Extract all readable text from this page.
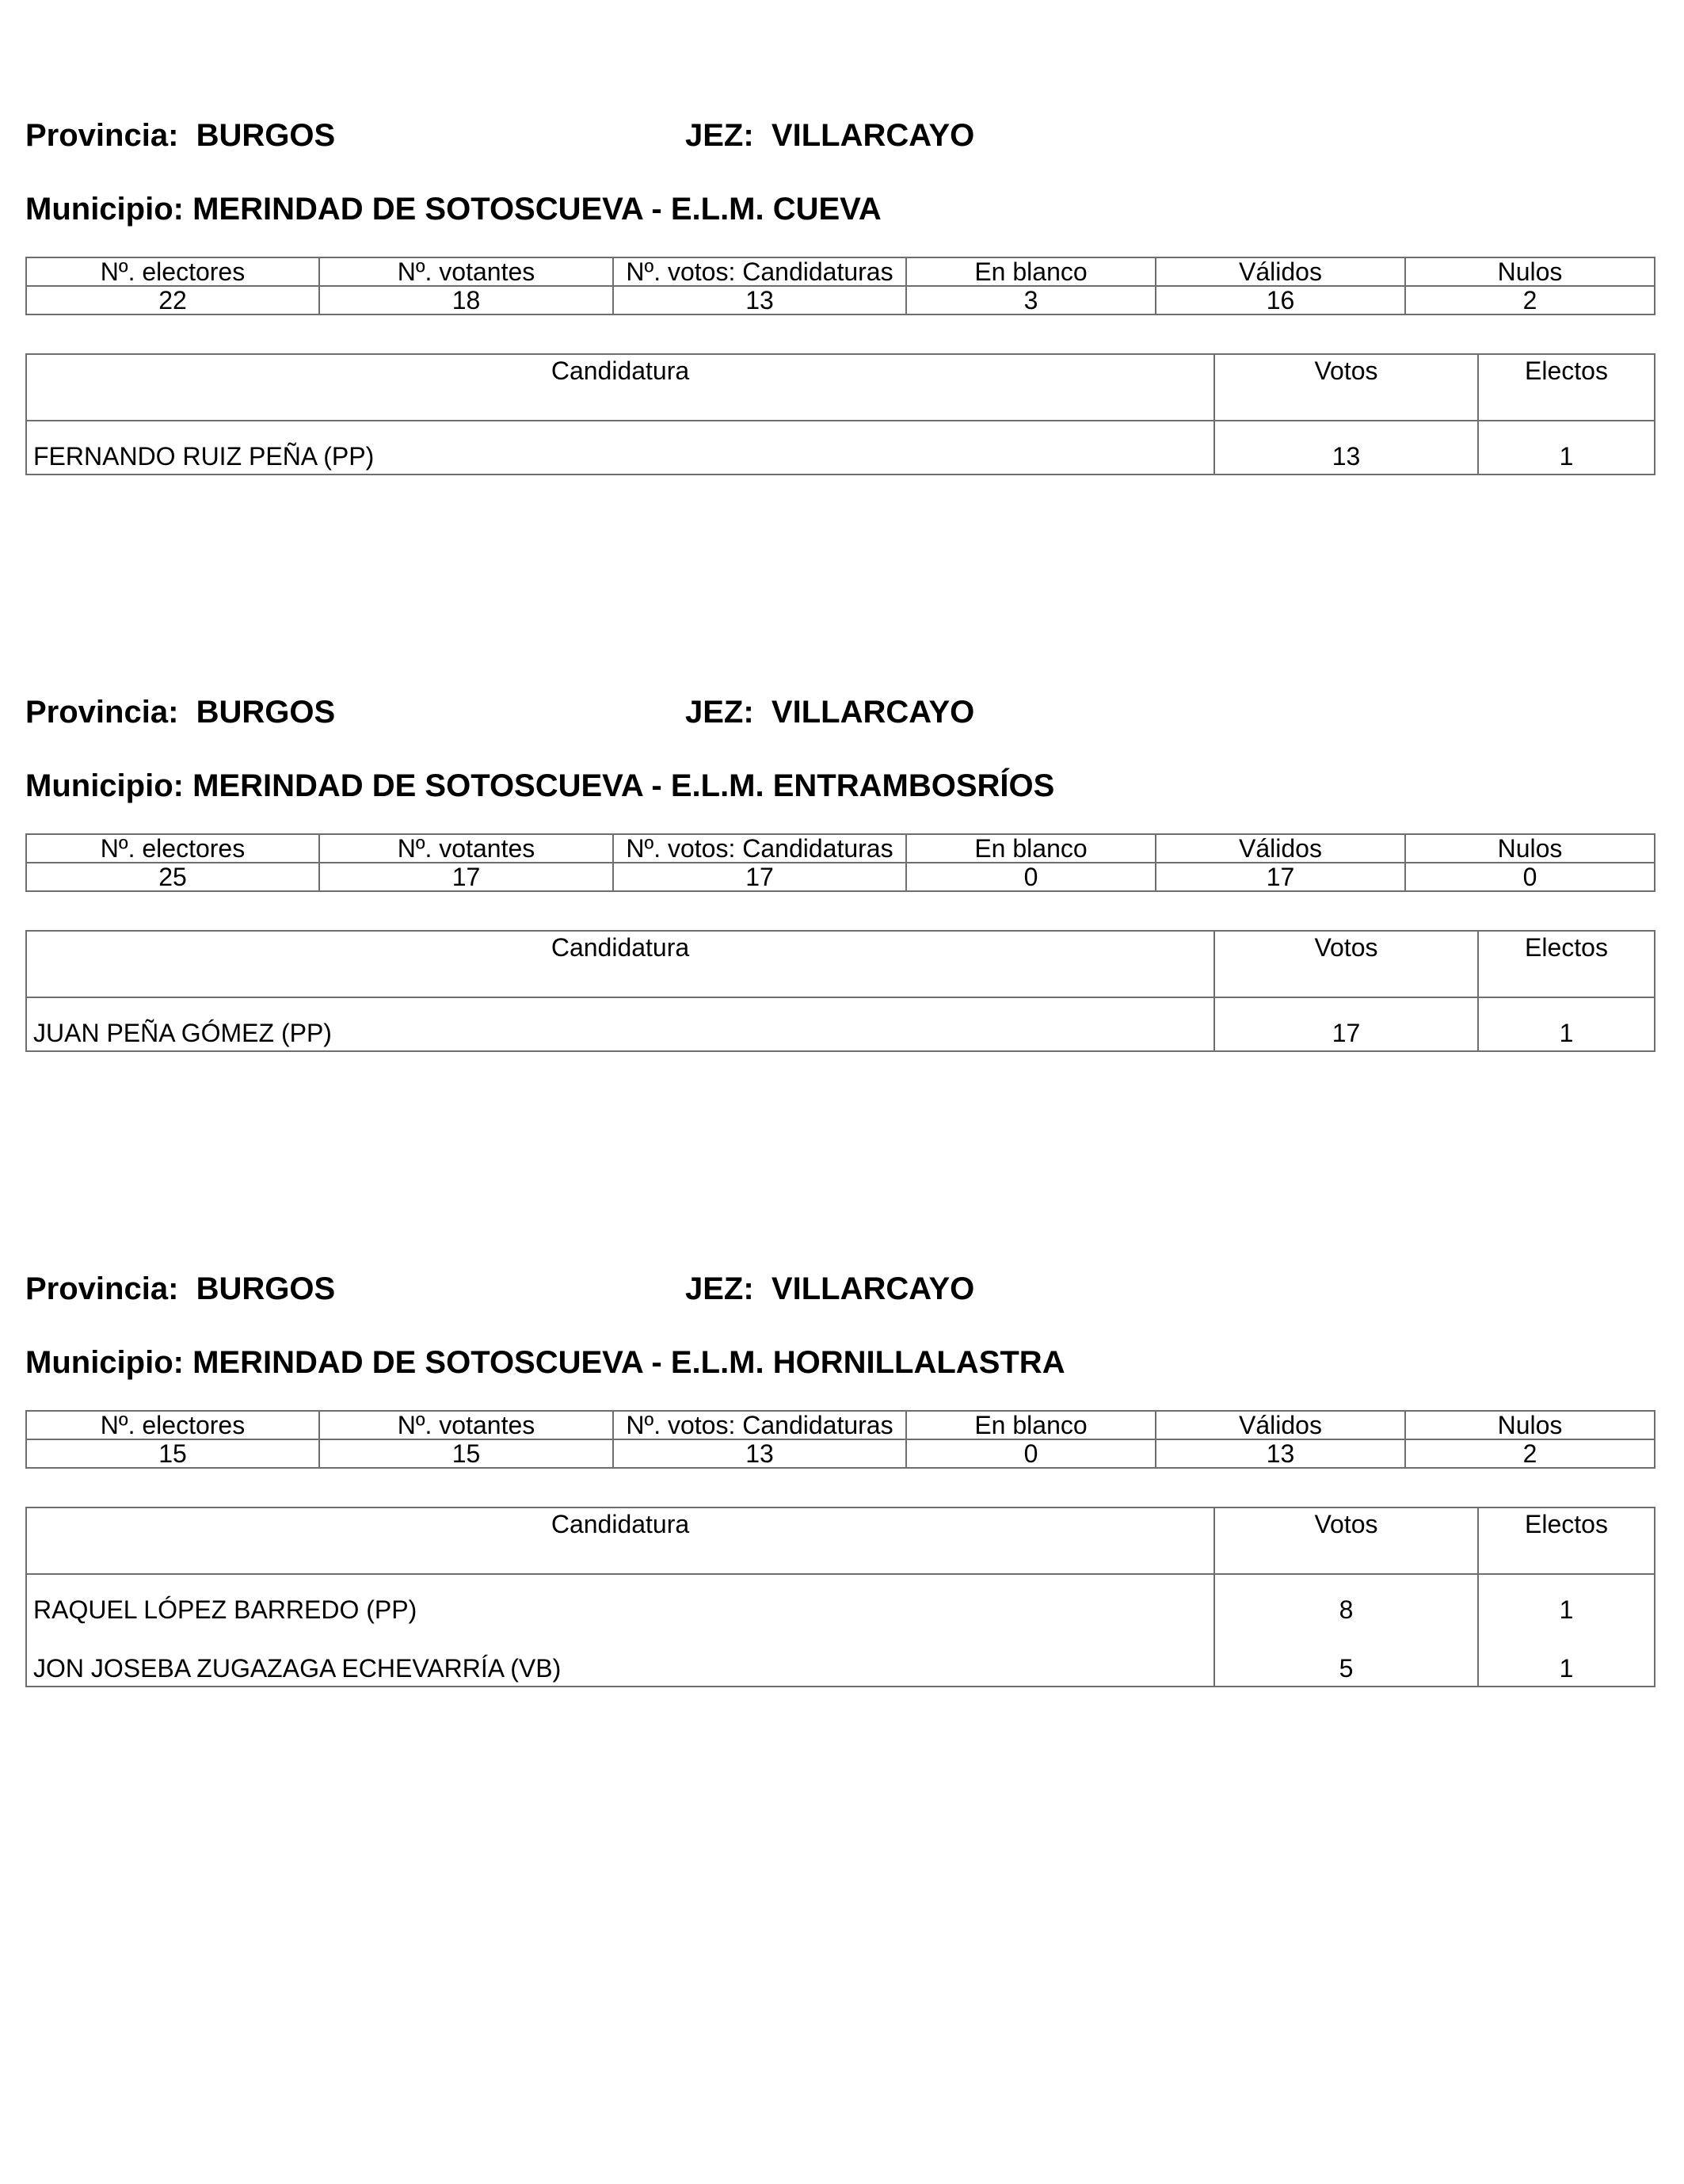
Provincia: BURGOS	JEZ: VILLARCAYO
Municipio: MERINDAD DE SOTOSCUEVA - E.L.M. CUEVA
Nº. electores	Nº. votantes	Nº. votos: Candidaturas	En blanco	Válidos	Nulos
22	18	13	3	16	2
Candidatura	Votos	Electos
FERNANDO RUIZ PEÑA (PP)	13	1
Provincia: BURGOS	JEZ: VILLARCAYO
Municipio: MERINDAD DE SOTOSCUEVA - E.L.M. ENTRAMBOSRÍOS
Nº. electores	Nº. votantes	Nº. votos: Candidaturas	En blanco	Válidos	Nulos
25	17	17	0	17	0
Candidatura	Votos	Electos
JUAN PEÑA GÓMEZ (PP)	17	1
Provincia: BURGOS	JEZ: VILLARCAYO
Municipio: MERINDAD DE SOTOSCUEVA - E.L.M. HORNILLALASTRA
Nº. electores	Nº. votantes	Nº. votos: Candidaturas	En blanco	Válidos	Nulos
15	15	13	0	13	2
Candidatura	Votos	Electos
RAQUEL LÓPEZ BARREDO (PP)	8	1
JON JOSEBA ZUGAZAGA ECHEVARRÍA (VB)	5	1
